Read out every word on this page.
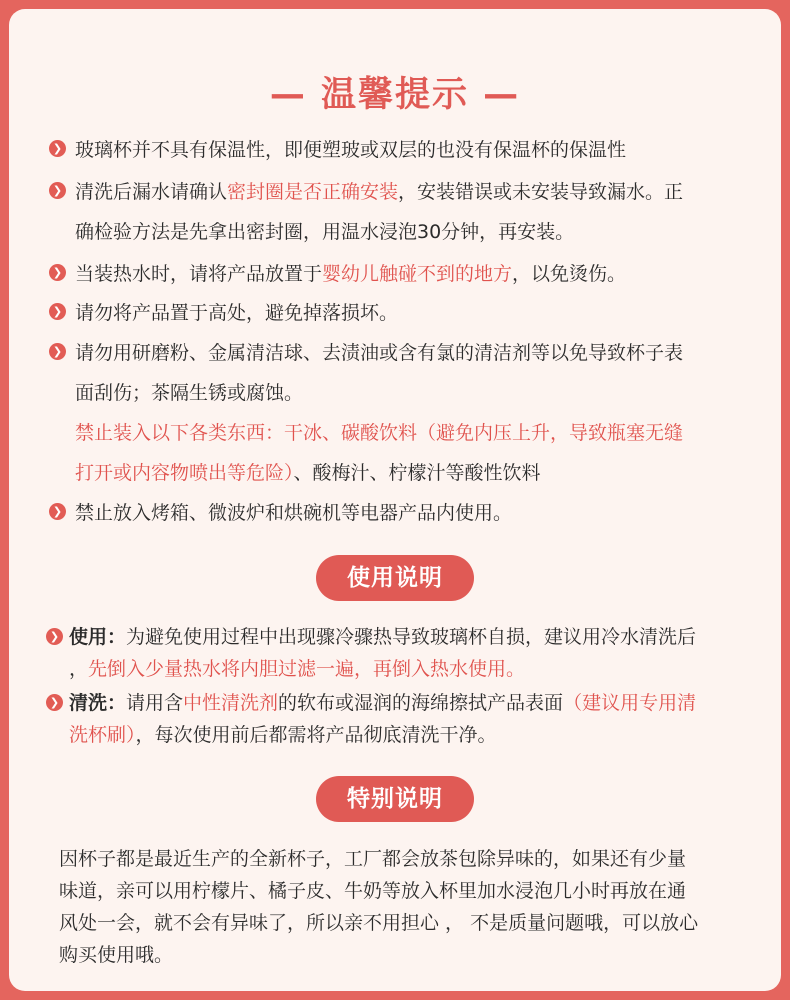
— 温馨提示 —
❯ 玻璃杯并不具有保温性，即便塑玻或双层的也没有保温杯的保温性
❯ 清洗后漏水请确认密封圈是否正确安装，安装错误或未安装导致漏水。正
确检验方法是先拿出密封圈，用温水浸泡30分钟，再安装。
❯ 当装热水时，请将产品放置于婴幼儿触碰不到的地方，以免烫伤。
❯ 请勿将产品置于高处，避免掉落损坏。
❯ 请勿用研磨粉、金属清洁球、去渍油或含有氯的清洁剂等以免导致杯子表
面刮伤；茶隔生锈或腐蚀。
禁止装入以下各类东西：干冰、碳酸饮料（避免内压上升，导致瓶塞无缝
打开或内容物喷出等危险）、酸梅汁、柠檬汁等酸性饮料
❯ 禁止放入烤箱、微波炉和烘碗机等电器产品内使用。
使用说明
❯ 使用：为避免使用过程中出现骤冷骤热导致玻璃杯自损，建议用冷水清洗后
，先倒入少量热水将内胆过滤一遍，再倒入热水使用。
❯ 清洗：请用含中性清洗剂的软布或湿润的海绵擦拭产品表面（建议用专用清
洗杯刷），每次使用前后都需将产品彻底清洗干净。
特别说明
因杯子都是最近生产的全新杯子，工厂都会放茶包除异味的，如果还有少量
味道，亲可以用柠檬片、橘子皮、牛奶等放入杯里加水浸泡几小时再放在通
风处一会，就不会有异味了，所以亲不用担心 ， 不是质量问题哦，可以放心
购买使用哦。
